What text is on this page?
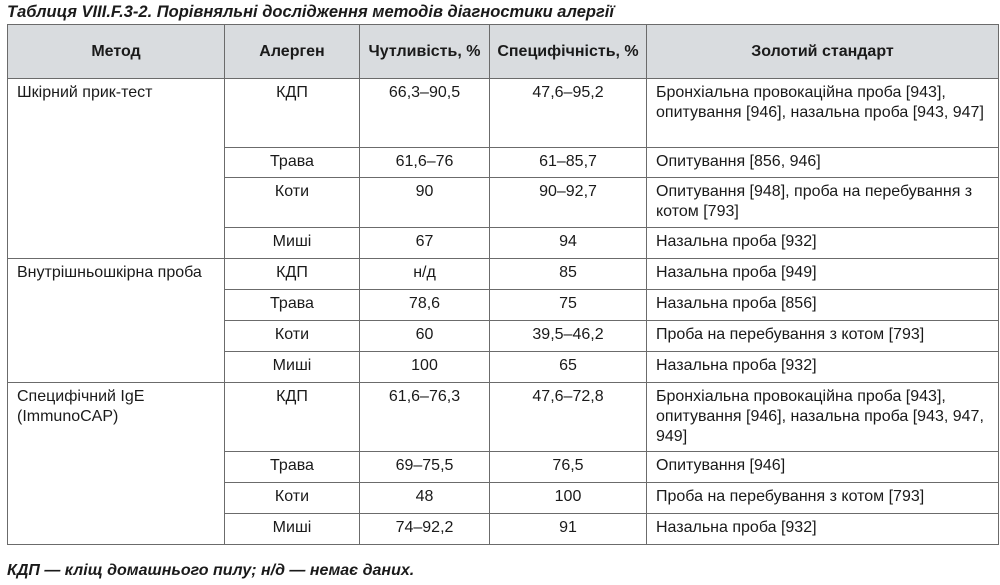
Таблиця VIII.F.3-2. Порівняльні дослідження методів діагностики алергії

Метод	Алерген	Чутливість, %	Специфічність, %	Золотий стандарт
Шкірний прик-тест	КДП	66,3–90,5	47,6–95,2	Бронхіальна провокаційна проба [943], опитування [946], назальна проба [943, 947]
	Трава	61,6–76	61–85,7	Опитування [856, 946]
	Коти	90	90–92,7	Опитування [948], проба на перебування з котом [793]
	Миші	67	94	Назальна проба [932]
Внутрішньошкірна проба	КДП	н/д	85	Назальна проба [949]
	Трава	78,6	75	Назальна проба [856]
	Коти	60	39,5–46,2	Проба на перебування з котом [793]
	Миші	100	65	Назальна проба [932]
Специфічний IgE (ImmunoCAP)	КДП	61,6–76,3	47,6–72,8	Бронхіальна провокаційна проба [943], опитування [946], назальна проба [943, 947, 949]
	Трава	69–75,5	76,5	Опитування [946]
	Коти	48	100	Проба на перебування з котом [793]
	Миші	74–92,2	91	Назальна проба [932]

КДП — кліщ домашнього пилу; н/д — немає даних.
